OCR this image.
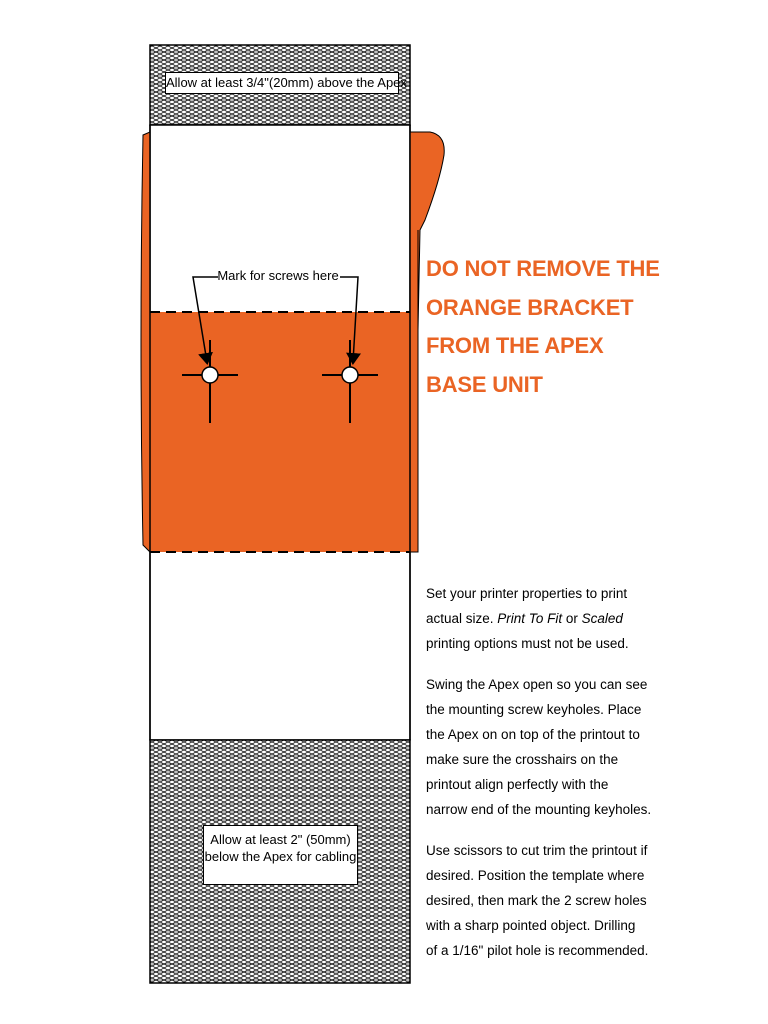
Allow at least 3/4"(20mm) above the Apex
Allow at least 2" (50mm)
below the Apex for cabling
Mark for screws here	DO NOT REMOVE THE
ORANGE BRACKET
FROM THE APEX
BASE UNIT

Set your printer properties to print
actual size. Print To Fit or Scaled
printing options must not be used.

Swing the Apex open so you can see
the mounting screw keyholes. Place
the Apex on on top of the printout to
make sure the crosshairs on the
printout align perfectly with the
narrow end of the mounting keyholes.

Use scissors to cut trim the printout if
desired. Position the template where
desired, then mark the 2 screw holes
with a sharp pointed object. Drilling
of a 1/16" pilot hole is recommended.
